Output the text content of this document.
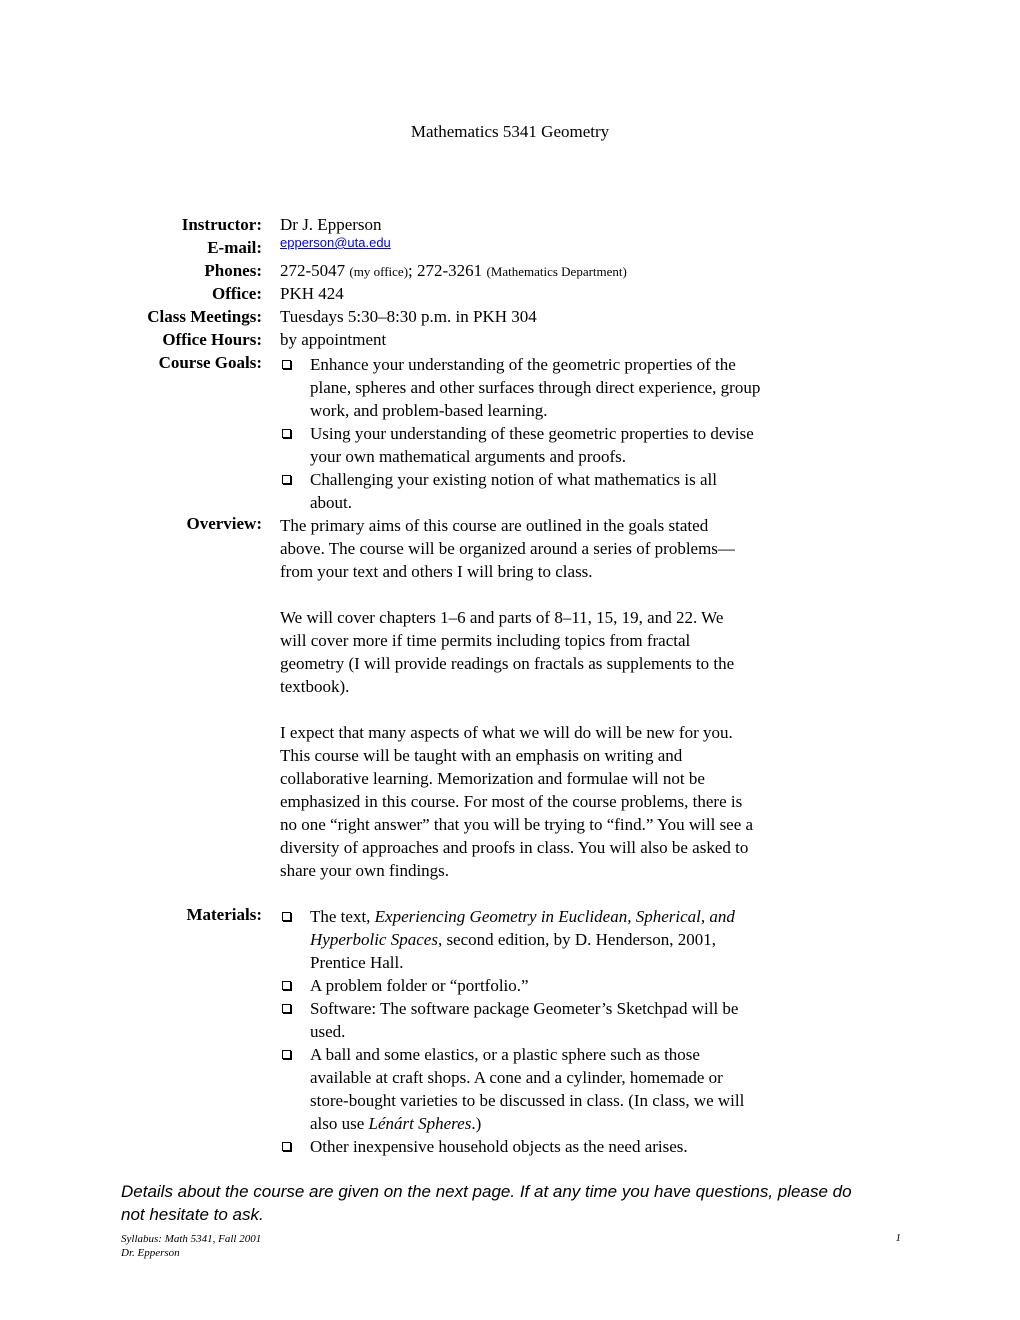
Mathematics 5341 Geometry
Instructor: Dr J. Epperson
E-mail: $^{epperson@uta.edu}$
Phones: 272-5047 (my office); 272-3261 (Mathematics Department)
Office: PKH 424
Class Meetings: Tuesdays 5:30–8:30 p.m. in PKH 304
Office Hours: by appointment
Course Goals:	Enhance your understanding of the geometric properties of the
plane, spheres and other surfaces through direct experience, group
work, and problem-based learning.
Using your understanding of these geometric properties to devise
your own mathematical arguments and proofs.
Challenging your existing notion of what mathematics is all
about.
Overview: The primary aims of this course are outlined in the goals stated
above. The course will be organized around a series of problems—
from your text and others I will bring to class.
We will cover chapters 1–6 and parts of 8–11, 15, 19, and 22. We
will cover more if time permits including topics from fractal
geometry (I will provide readings on fractals as supplements to the
textbook).
I expect that many aspects of what we will do will be new for you.
This course will be taught with an emphasis on writing and
collaborative learning. Memorization and formulae will not be
emphasized in this course. For most of the course problems, there is
no one “right answer” that you will be trying to “find.” You will see a
diversity of approaches and proofs in class. You will also be asked to
share your own findings.
Materials:	The text, Experiencing Geometry in Euclidean, Spherical, and
Hyperbolic Spaces, second edition, by D. Henderson, 2001,
Prentice Hall.
A problem folder or “portfolio.”
Software: The software package Geometer’s Sketchpad will be
used.
A ball and some elastics, or a plastic sphere such as those
available at craft shops. A cone and a cylinder, homemade or
store-bought varieties to be discussed in class. (In class, we will
also use Lénárt Spheres.)
Other inexpensive household objects as the need arises.
Details about the course are given on the next page. If at any time you have questions, please do
not hesitate to ask.
Syllabus: Math 5341, Fall 2001
Dr. Epperson
1
